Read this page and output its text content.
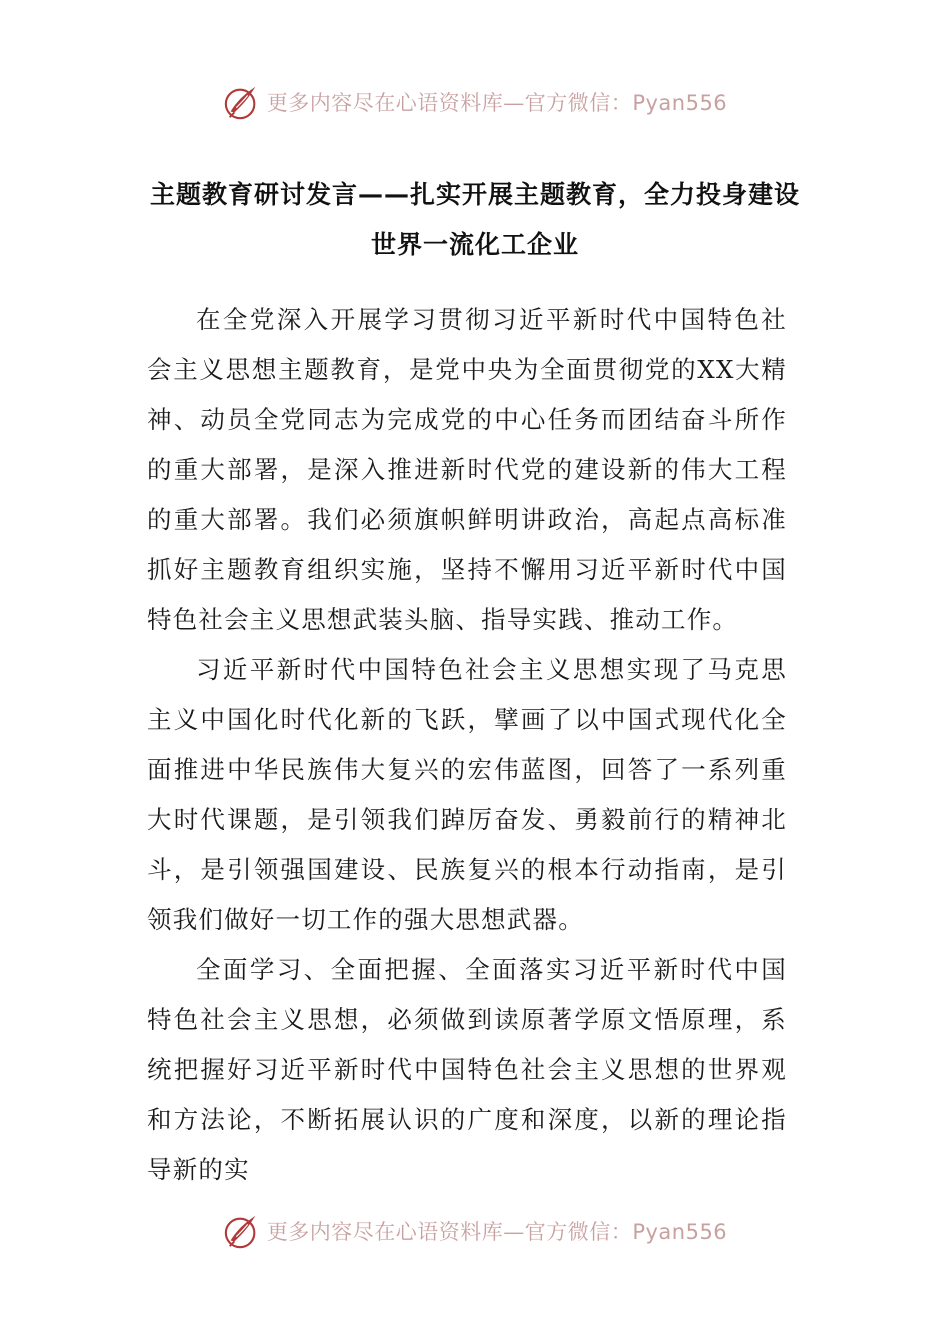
更多内容尽在心语资料库—官方微信：Pyan556
主题教育研讨发言——扎实开展主题教育，全力投身建设
世界一流化工企业

在全党深入开展学习贯彻习近平新时代中国特色社会主义思想主题教育，是党中央为全面贯彻党的XX大精神、动员全党同志为完成党的中心任务而团结奋斗所作的重大部署，是深入推进新时代党的建设新的伟大工程的重大部署。我们必须旗帜鲜明讲政治，高起点高标准抓好主题教育组织实施，坚持不懈用习近平新时代中国特色社会主义思想武装头脑、指导实践、推动工作。

习近平新时代中国特色社会主义思想实现了马克思主义中国化时代化新的飞跃，擘画了以中国式现代化全面推进中华民族伟大复兴的宏伟蓝图，回答了一系列重大时代课题，是引领我们踔厉奋发、勇毅前行的精神北斗，是引领强国建设、民族复兴的根本行动指南，是引领我们做好一切工作的强大思想武器。

全面学习、全面把握、全面落实习近平新时代中国特色社会主义思想，必须做到读原著学原文悟原理，系统把握好习近平新时代中国特色社会主义思想的世界观和方法论，不断拓展认识的广度和深度，以新的理论指导新的实

更多内容尽在心语资料库—官方微信：Pyan556
